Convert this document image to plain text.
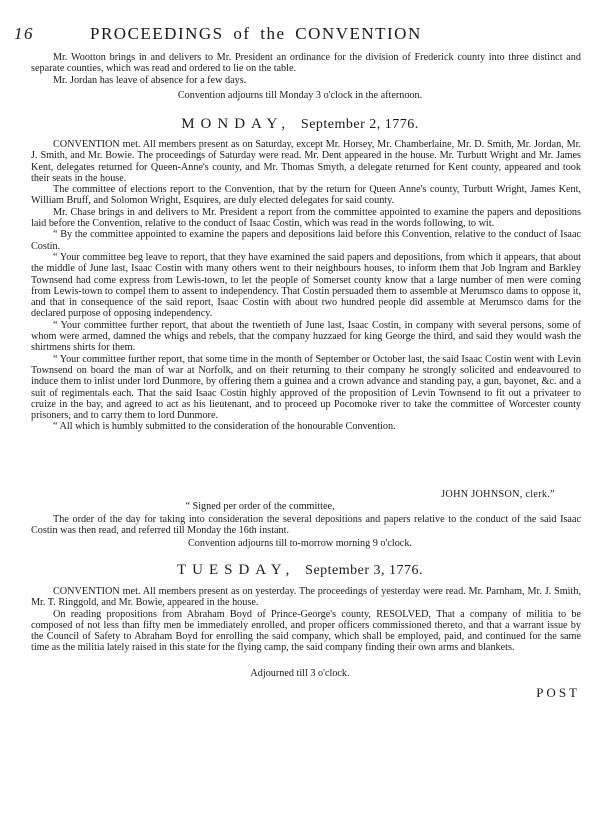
16	PROCEEDINGS of the CONVENTION

Mr. Wootton brings in and delivers to Mr. President an ordinance for the division of Frederick county into three distinct and separate counties, which was read and ordered to lie on the table.

Mr. Jordan has leave of absence for a few days.

Convention adjourns till Monday 3 o'clock in the afternoon.
MONDAY, September 2, 1776.

CONVENTION met. All members present as on Saturday, except Mr. Horsey, Mr. Chamberlaine, Mr. D. Smith, Mr. Jordan, Mr. J. Smith, and Mr. Bowie. The proceedings of Saturday were read. Mr. Dent appeared in the house. Mr. Turbutt Wright and Mr. James Kent, delegates returned for Queen-Anne's county, and Mr. Thomas Smyth, a delegate returned for Kent county, appeared and took their seats in the house.

The committee of elections report to the Convention, that by the return for Queen Anne's county, Turbutt Wright, James Kent, William Bruff, and Solomon Wright, Esquires, are duly elected delegates for said county.

Mr. Chase brings in and delivers to Mr. President a report from the committee appointed to examine the papers and depositions laid before the Convention, relative to the conduct of Isaac Costin, which was read in the words following, to wit.

“ By the committee appointed to examine the papers and depositions laid before this Convention, relative to the conduct of Isaac Costin.

“ Your committee beg leave to report, that they have examined the said papers and depositions, from which it appears, that about the middle of June last, Isaac Costin with many others went to their neighbours houses, to inform them that Job Ingram and Barkley Townsend had come express from Lewis-town, to let the people of Somerset county know that a large number of men were coming from Lewis-town to compel them to assent to independency. That Costin persuaded them to assemble at Merumsco dams to oppose it, and that in consequence of the said report, Isaac Costin with about two hundred people did assemble at Merumsco dams for the declared purpose of opposing independency.

“ Your committee further report, that about the twentieth of June last, Isaac Costin, in company with several persons, some of whom were armed, damned the whigs and rebels, that the company huzzaed for king George the third, and said they would wash the shirtmens shirts for them.

“ Your committee further report, that some time in the month of September or October last, the said Isaac Costin went with Levin Townsend on board the man of war at Norfolk, and on their returning to their company he strongly solicited and endeavoured to induce them to inlist under lord Dunmore, by offering them a guinea and a crown advance and standing pay, a gun, bayonet, &c. and a suit of regimentals each. That the said Isaac Costin highly approved of the proposition of Levin Townsend to fit out a privateer to cruize in the bay, and agreed to act as his lieutenant, and to proceed up Pocomoke river to take the committee of Worcester county prisoners, and to carry them to lord Dunmore.

“ All which is humbly submitted to the consideration of the honourable Convention.

JOHN JOHNSON, clerk.”
“ Signed per order of the committee,

The order of the day for taking into consideration the several depositions and papers relative to the conduct of the said Isaac Costin was then read, and referred till Monday the 16th instant.

Convention adjourns till to-morrow morning 9 o'clock.
TUESDAY, September 3, 1776.

CONVENTION met. All members present as on yesterday. The proceedings of yesterday were read. Mr. Parnham, Mr. J. Smith, Mr. T. Ringgold, and Mr. Bowie, appeared in the house.

On reading propositions from Abraham Boyd of Prince-George's county, RESOLVED, That a company of militia to be composed of not less than fifty men be immediately enrolled, and proper officers commissioned thereto, and that a warrant issue by the Council of Safety to Abraham Boyd for enrolling the said company, which shall be employed, paid, and continued for the same time as the militia lately raised in this state for the flying camp, the said company finding their own arms and blankets.

Adjourned till 3 o'clock.
POST
